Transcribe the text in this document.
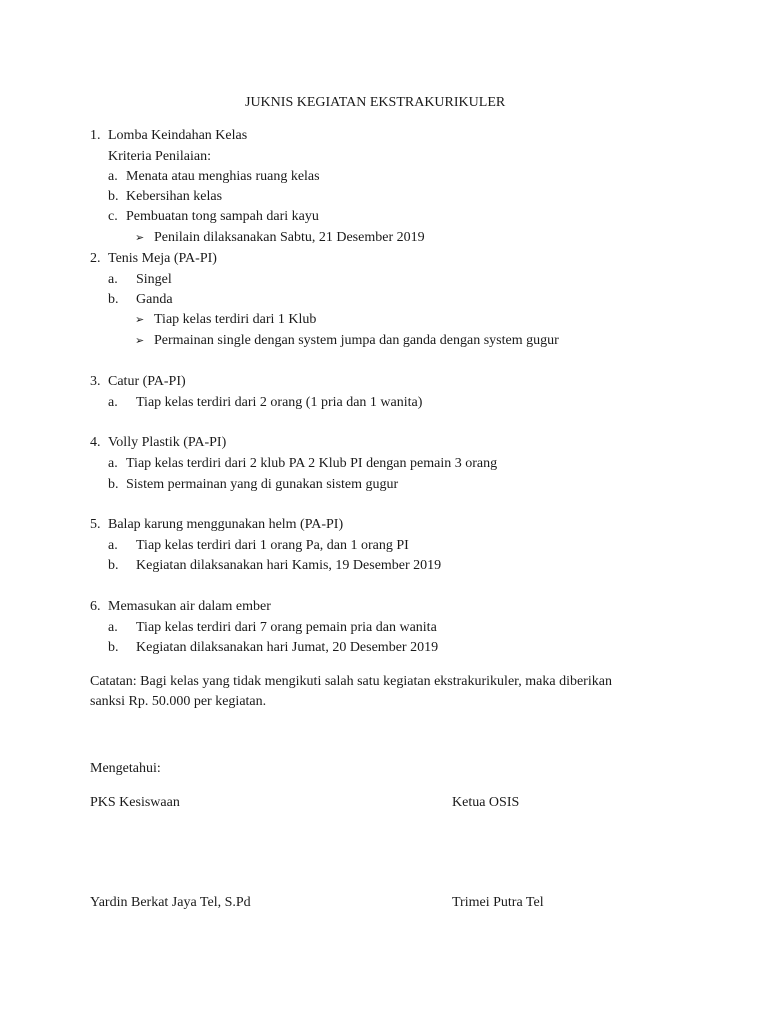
JUKNIS KEGIATAN EKSTRAKURIKULER
1. Lomba Keindahan Kelas
Kriteria Penilaian:
a. Menata atau menghias ruang kelas
b. Kebersihan kelas
c. Pembuatan tong sampah dari kayu
➢ Penilain dilaksanakan Sabtu, 21 Desember 2019
2. Tenis Meja (PA-PI)
a. Singel
b. Ganda
➢ Tiap kelas terdiri dari 1 Klub
➢ Permainan single dengan system jumpa dan ganda dengan system gugur
3. Catur (PA-PI)
a. Tiap kelas terdiri dari 2 orang (1 pria dan 1 wanita)
4. Volly Plastik (PA-PI)
a. Tiap kelas terdiri dari 2 klub PA 2 Klub PI dengan pemain 3 orang
b. Sistem permainan yang di gunakan sistem gugur
5. Balap karung menggunakan helm (PA-PI)
a. Tiap kelas terdiri dari 1 orang Pa, dan 1 orang PI
b. Kegiatan dilaksanakan hari Kamis, 19 Desember 2019
6. Memasukan air dalam ember
a. Tiap kelas terdiri dari 7 orang pemain pria dan wanita
b. Kegiatan dilaksanakan hari Jumat, 20 Desember 2019
Catatan: Bagi kelas yang tidak mengikuti salah satu kegiatan ekstrakurikuler, maka diberikan
sanksi Rp. 50.000 per kegiatan.
Mengetahui:
PKS Kesiswaan	Ketua OSIS
Yardin Berkat Jaya Tel, S.Pd	Trimei Putra Tel
